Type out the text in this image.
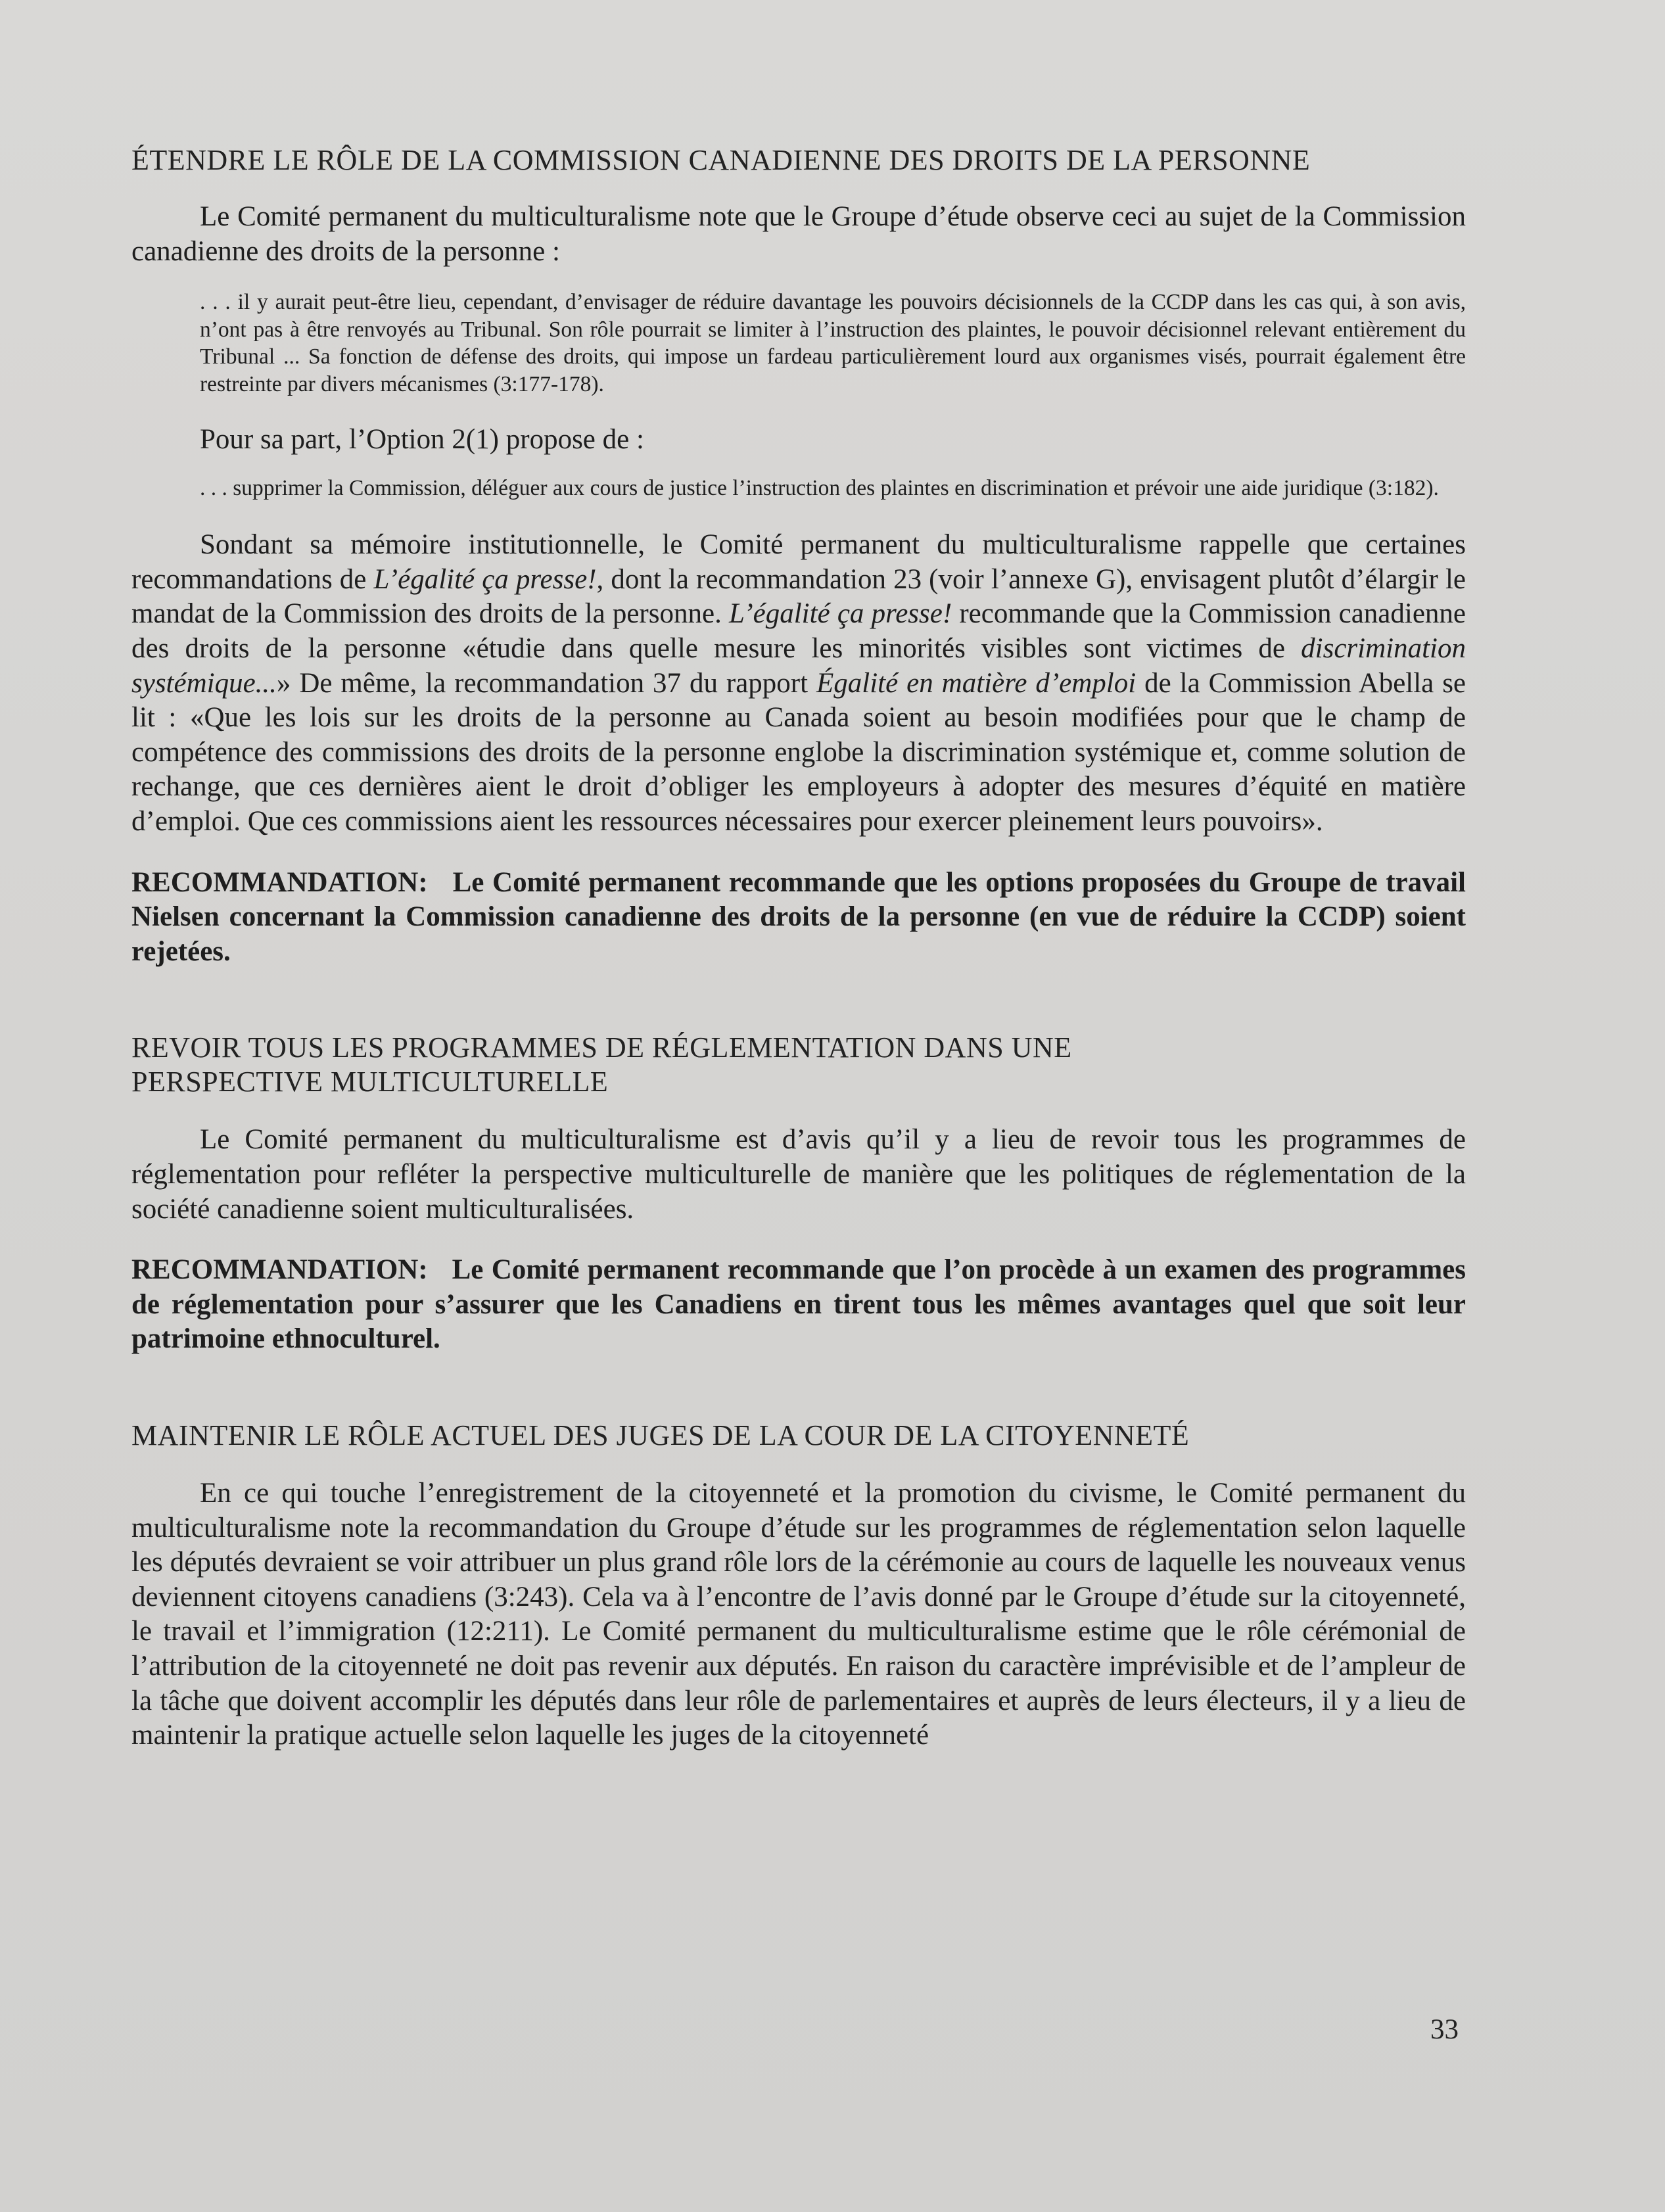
ÉTENDRE LE RÔLE DE LA COMMISSION CANADIENNE DES DROITS DE LA PERSONNE

Le Comité permanent du multiculturalisme note que le Groupe d’étude observe ceci au sujet de la Commission canadienne des droits de la personne :

. . . il y aurait peut-être lieu, cependant, d’envisager de réduire davantage les pouvoirs décisionnels de la CCDP dans les cas qui, à son avis, n’ont pas à être renvoyés au Tribunal. Son rôle pourrait se limiter à l’instruction des plaintes, le pouvoir décisionnel relevant entièrement du Tribunal ... Sa fonction de défense des droits, qui impose un fardeau particulièrement lourd aux organismes visés, pourrait également être restreinte par divers mécanismes (3:177-178).

Pour sa part, l’Option 2(1) propose de :

. . . supprimer la Commission, déléguer aux cours de justice l’instruction des plaintes en discrimination et prévoir une aide juridique (3:182).

Sondant sa mémoire institutionnelle, le Comité permanent du multiculturalisme rappelle que certaines recommandations de L’égalité ça presse!, dont la recommandation 23 (voir l’annexe G), envisagent plutôt d’élargir le mandat de la Commission des droits de la personne. L’égalité ça presse! recommande que la Commission canadienne des droits de la personne «étudie dans quelle mesure les minorités visibles sont victimes de discrimination systémique...» De même, la recommandation 37 du rapport Égalité en matière d’emploi de la Commission Abella se lit : «Que les lois sur les droits de la personne au Canada soient au besoin modifiées pour que le champ de compétence des commissions des droits de la personne englobe la discrimination systémique et, comme solution de rechange, que ces dernières aient le droit d’obliger les employeurs à adopter des mesures d’équité en matière d’emploi. Que ces commissions aient les ressources nécessaires pour exercer pleinement leurs pouvoirs».

RECOMMANDATION: Le Comité permanent recommande que les options proposées du Groupe de travail Nielsen concernant la Commission canadienne des droits de la personne (en vue de réduire la CCDP) soient rejetées.

REVOIR TOUS LES PROGRAMMES DE RÉGLEMENTATION DANS UNE PERSPECTIVE MULTICULTURELLE

Le Comité permanent du multiculturalisme est d’avis qu’il y a lieu de revoir tous les programmes de réglementation pour refléter la perspective multiculturelle de manière que les politiques de réglementation de la société canadienne soient multiculturalisées.

RECOMMANDATION: Le Comité permanent recommande que l’on procède à un examen des programmes de réglementation pour s’assurer que les Canadiens en tirent tous les mêmes avantages quel que soit leur patrimoine ethnoculturel.

MAINTENIR LE RÔLE ACTUEL DES JUGES DE LA COUR DE LA CITOYENNETÉ

En ce qui touche l’enregistrement de la citoyenneté et la promotion du civisme, le Comité permanent du multiculturalisme note la recommandation du Groupe d’étude sur les programmes de réglementation selon laquelle les députés devraient se voir attribuer un plus grand rôle lors de la cérémonie au cours de laquelle les nouveaux venus deviennent citoyens canadiens (3:243). Cela va à l’encontre de l’avis donné par le Groupe d’étude sur la citoyenneté, le travail et l’immigration (12:211). Le Comité permanent du multiculturalisme estime que le rôle cérémonial de l’attribution de la citoyenneté ne doit pas revenir aux députés. En raison du caractère imprévisible et de l’ampleur de la tâche que doivent accomplir les députés dans leur rôle de parlementaires et auprès de leurs électeurs, il y a lieu de maintenir la pratique actuelle selon laquelle les juges de la citoyenneté

33
